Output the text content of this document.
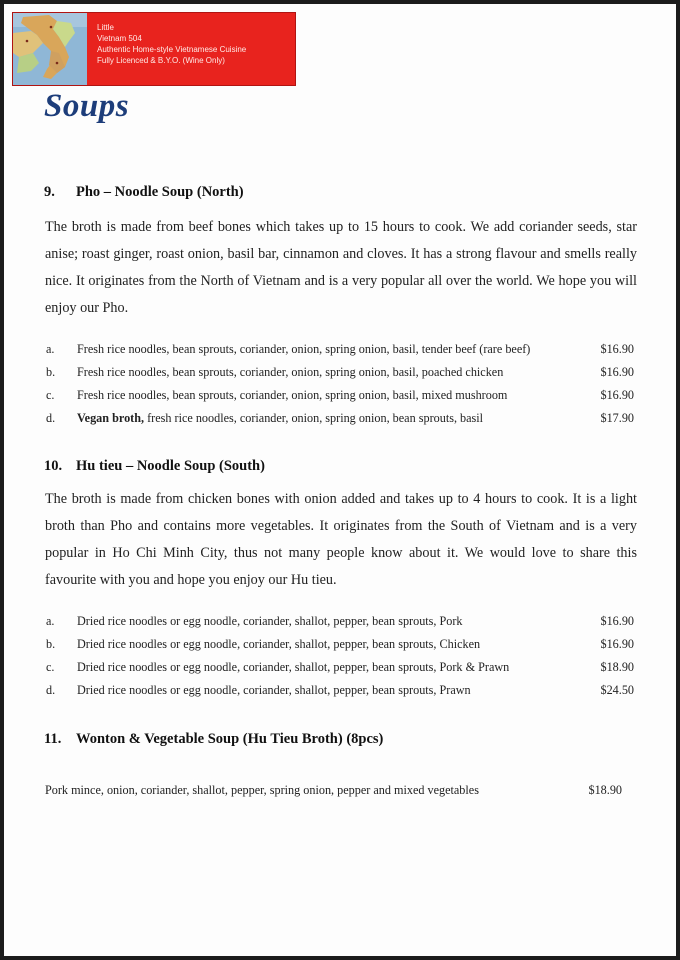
Little
Vietnam 504
Authentic Home-style Vietnamese Cuisine
Fully Licenced & B.Y.O. (Wine Only)
Soups
9. Pho – Noodle Soup (North)
The broth is made from beef bones which takes up to 15 hours to cook. We add coriander seeds, star anise; roast ginger, roast onion, basil bar, cinnamon and cloves. It has a strong flavour and smells really nice. It originates from the North of Vietnam and is a very popular all over the world. We hope you will enjoy our Pho.
a. Fresh rice noodles, bean sprouts, coriander, onion, spring onion, basil, tender beef (rare beef)	$16.90
b. Fresh rice noodles, bean sprouts, coriander, onion, spring onion, basil, poached chicken	$16.90
c. Fresh rice noodles, bean sprouts, coriander, onion, spring onion, basil, mixed mushroom	$16.90
d. Vegan broth, fresh rice noodles, coriander, onion, spring onion, bean sprouts, basil	$17.90
10. Hu tieu – Noodle Soup (South)
The broth is made from chicken bones with onion added and takes up to 4 hours to cook. It is a light broth than Pho and contains more vegetables. It originates from the South of Vietnam and is a very popular in Ho Chi Minh City, thus not many people know about it. We would love to share this favourite with you and hope you enjoy our Hu tieu.
a. Dried rice noodles or egg noodle, coriander, shallot, pepper, bean sprouts, Pork	$16.90
b. Dried rice noodles or egg noodle, coriander, shallot, pepper, bean sprouts, Chicken	$16.90
c. Dried rice noodles or egg noodle, coriander, shallot, pepper, bean sprouts, Pork & Prawn	$18.90
d. Dried rice noodles or egg noodle, coriander, shallot, pepper, bean sprouts, Prawn	$24.50
11. Wonton & Vegetable Soup (Hu Tieu Broth) (8pcs)
Pork mince, onion, coriander, shallot, pepper, spring onion, pepper and mixed vegetables	$18.90
